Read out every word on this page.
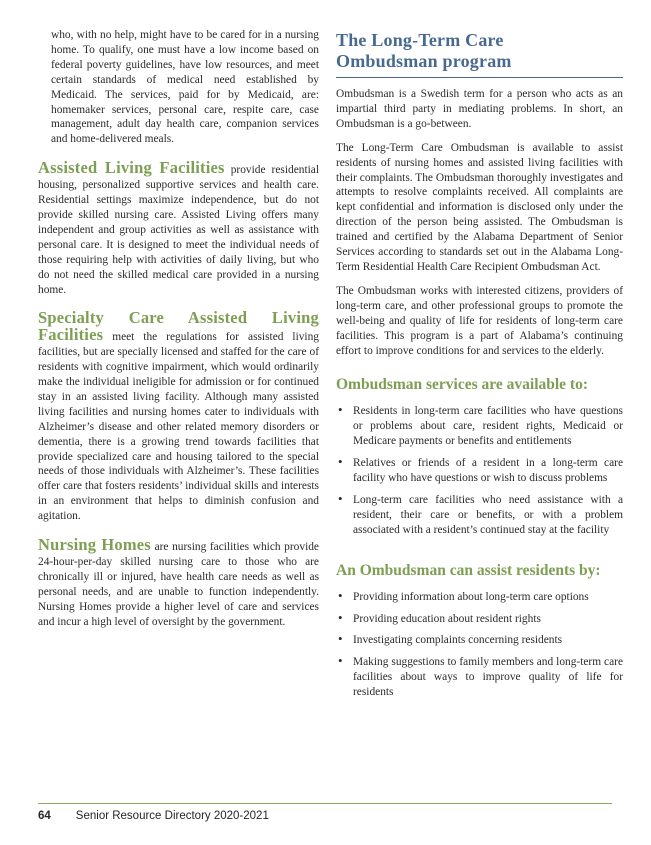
who, with no help, might have to be cared for in a nursing home. To qualify, one must have a low income based on federal poverty guidelines, have low resources, and meet certain standards of medical need established by Medicaid. The services, paid for by Medicaid, are: homemaker services, personal care, respite care, case management, adult day health care, companion services and home-delivered meals.

Assisted Living Facilities provide residential housing, personalized supportive services and health care. Residential settings maximize independence, but do not provide skilled nursing care. Assisted Living offers many independent and group activities as well as assistance with personal care. It is designed to meet the individual needs of those requiring help with activities of daily living, but who do not need the skilled medical care provided in a nursing home.

Specialty Care Assisted Living Facilities meet the regulations for assisted living facilities, but are specially licensed and staffed for the care of residents with cognitive impairment, which would ordinarily make the individual ineligible for admission or for continued stay in an assisted living facility. Although many assisted living facilities and nursing homes cater to individuals with Alzheimer’s disease and other related memory disorders or dementia, there is a growing trend towards facilities that provide specialized care and housing tailored to the special needs of those individuals with Alzheimer’s. These facilities offer care that fosters residents’ individual skills and interests in an environment that helps to diminish confusion and agitation.

Nursing Homes are nursing facilities which provide 24-hour-per-day skilled nursing care to those who are chronically ill or injured, have health care needs as well as personal needs, and are unable to function independently. Nursing Homes provide a higher level of care and services and incur a high level of oversight by the government.

The Long-Term Care
Ombudsman program

Ombudsman is a Swedish term for a person who acts as an impartial third party in mediating problems. In short, an Ombudsman is a go-between.

The Long-Term Care Ombudsman is available to assist residents of nursing homes and assisted living facilities with their complaints. The Ombudsman thoroughly investigates and attempts to resolve complaints received. All complaints are kept confidential and information is disclosed only under the direction of the person being assisted. The Ombudsman is trained and certified by the Alabama Department of Senior Services according to standards set out in the Alabama Long-Term Residential Health Care Recipient Ombudsman Act.

The Ombudsman works with interested citizens, providers of long-term care, and other professional groups to promote the well-being and quality of life for residents of long-term care facilities. This program is a part of Alabama’s continuing effort to improve conditions for and services to the elderly.

Ombudsman services are available to:
• Residents in long-term care facilities who have questions or problems about care, resident rights, Medicaid or Medicare payments or benefits and entitlements
• Relatives or friends of a resident in a long-term care facility who have questions or wish to discuss problems
• Long-term care facilities who need assistance with a resident, their care or benefits, or with a problem associated with a resident’s continued stay at the facility
An Ombudsman can assist residents by:
• Providing information about long-term care options
• Providing education about resident rights
• Investigating complaints concerning residents
• Making suggestions to family members and long-term care facilities about ways to improve quality of life for residents
64 Senior Resource Directory 2020-2021
